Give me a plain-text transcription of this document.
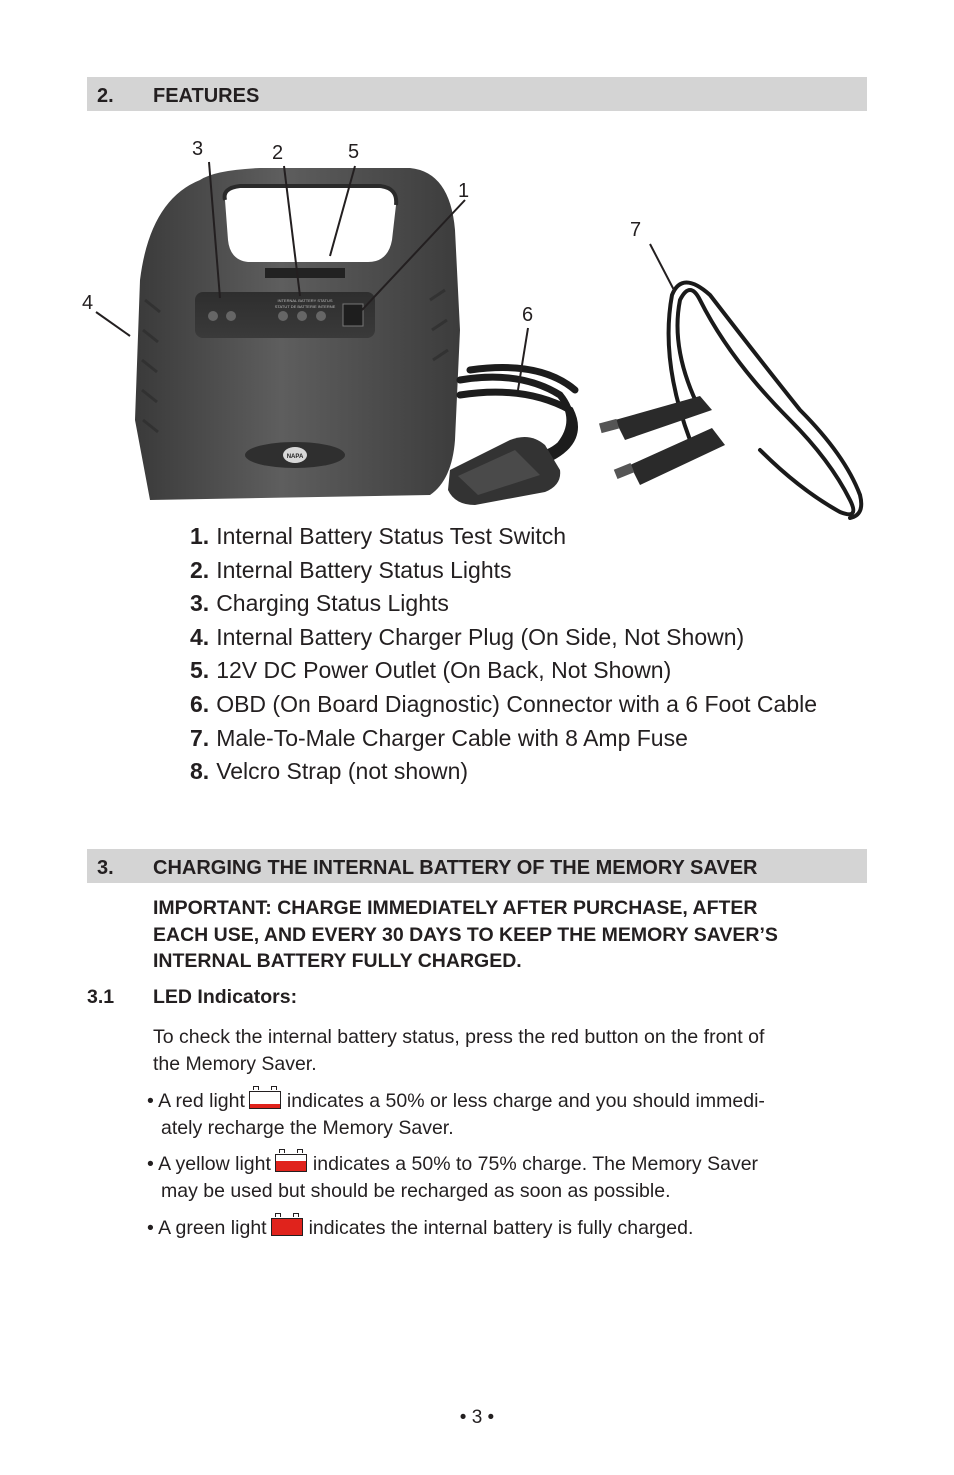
2. FEATURES
INTERNAL BATTERY STATUS
STATUT DE BATTERIE INTERNE
NAPA
3	2	5
1
7
4
6
1. Internal Battery Status Test Switch
2. Internal Battery Status Lights
3. Charging Status Lights
4. Internal Battery Charger Plug (On Side, Not Shown)
5. 12V DC Power Outlet (On Back, Not Shown)
6. OBD (On Board Diagnostic) Connector with a 6 Foot Cable
7. Male-To-Male Charger Cable with 8 Amp Fuse
8. Velcro Strap (not shown)
3. CHARGING THE INTERNAL BATTERY OF THE MEMORY SAVER
IMPORTANT: CHARGE IMMEDIATELY AFTER PURCHASE, AFTER
EACH USE, AND EVERY 30 DAYS TO KEEP THE MEMORY SAVER’S
INTERNAL BATTERY FULLY CHARGED.
3.1 LED Indicators:
To check the internal battery status, press the red button on the front of
the Memory Saver.
• A red light indicates a 50% or less charge and you should immedi-
ately recharge the Memory Saver.
• A yellow light indicates a 50% to 75% charge. The Memory Saver
may be used but should be recharged as soon as possible.
• A green light indicates the internal battery is fully charged.
• 3 •
